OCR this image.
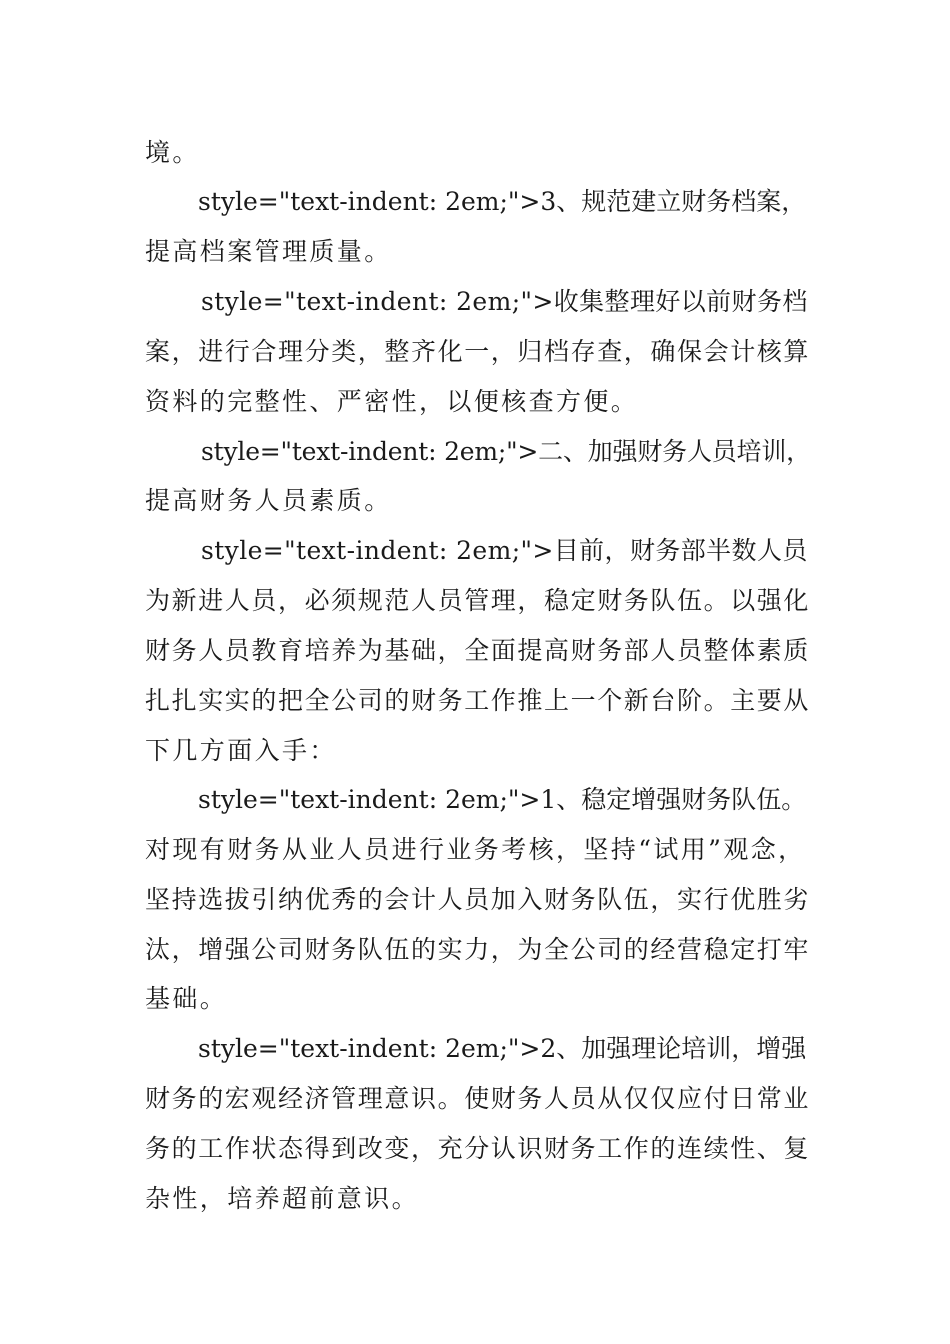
境。
style="text-indent: 2em;">3、规范建立财务档案，
提高档案管理质量。
style="text-indent: 2em;">收集整理好以前财务档
案，进行合理分类，整齐化一，归档存查，确保会计核算
资料的完整性、严密性，以便核查方便。
style="text-indent: 2em;">二、加强财务人员培训，
提高财务人员素质。
style="text-indent: 2em;">目前，财务部半数人员
为新进人员，必须规范人员管理，稳定财务队伍。以强化
财务人员教育培养为基础，全面提高财务部人员整体素质
扎扎实实的把全公司的财务工作推上一个新台阶。主要从
下几方面入手：
style="text-indent: 2em;">1、稳定增强财务队伍。
对现有财务从业人员进行业务考核，坚持“试用”观念，
坚持选拔引纳优秀的会计人员加入财务队伍，实行优胜劣
汰，增强公司财务队伍的实力，为全公司的经营稳定打牢
基础。
style="text-indent: 2em;">2、加强理论培训，增强
财务的宏观经济管理意识。使财务人员从仅仅应付日常业
务的工作状态得到改变，充分认识财务工作的连续性、复
杂性，培养超前意识。
